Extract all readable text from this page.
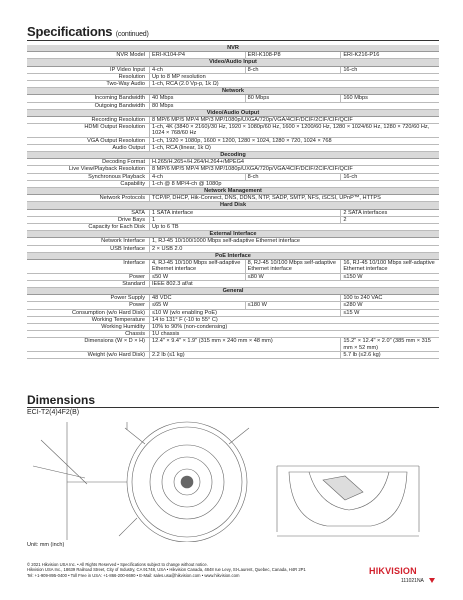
Specifications (continued)
NVR			
NVR Model	ERI-K104-P4	ERI-K108-P8	ERI-K216-P16
Video/Audio Input			
IP Video Input	4-ch	8-ch	16-ch
Resolution	Up to 8 MP resolution		
Two-Way Audio	1-ch, RCA (2.0 Vp-p, 1k Ω)		
Network			
Incoming Bandwidth	40 Mbps	80 Mbps	160 Mbps
Outgoing Bandwidth	80 Mbps		
Video/Audio Output			
Recording Resolution	8 MP/6 MP/5 MP/4 MP/3 MP/1080p/UXGA/720p/VGA/4CIF/DCIF/2CIF/CIF/QCIF		
HDMI Output Resolution	1-ch, 4K (3840 × 2160)/30 Hz, 1920 × 1080p/60 Hz, 1600 × 1200/60 Hz, 1280 × 1024/60 Hz, 1280 × 720/60 Hz, 1024 × 768/60 Hz		
VGA Output Resolution	1-ch, 1920 × 1080p, 1600 × 1200, 1280 × 1024, 1280 × 720, 1024 × 768		
Audio Output	1-ch, RCA (linear, 1k Ω)		
Decoding			
Decoding Format	H.265/H.265+/H.264/H.264+/MPEG4		
Live View/Playback Resolution	8 MP/6 MP/5 MP/4 MP/3 MP/1080p/UXGA/720p/VGA/4CIF/DCIF/2CIF/CIF/QCIF		
Synchronous Playback	4-ch	8-ch	16-ch
Capability	1-ch @ 8 MP/4-ch @ 1080p		
Network Management			
Network Protocols	TCP/IP, DHCP, Hik-Connect, DNS, DDNS, NTP, SADP, SMTP, NFS, iSCSI, UPnP™, HTTPS		
Hard Disk			
SATA	1 SATA interface		2 SATA interfaces
Drive Bays	1		2
Capacity for Each Disk	Up to 6 TB		
External Interface			
Network Interface	1, RJ-45 10/100/1000 Mbps self-adaptive Ethernet interface		
USB Interface	2 × USB 2.0		
PoE Interface			
Interface	4, RJ-45 10/100 Mbps self-adaptive Ethernet interface	8, RJ-45 10/100 Mbps self-adaptive Ethernet interface	16, RJ-45 10/100 Mbps self-adaptive Ethernet interface
Power	≤50 W	≤80 W	≤150 W
Standard	IEEE 802.3 af/at		
General			
Power Supply	48 VDC		100 to 240 VAC
Power	≤65 W	≤180 W	≤280 W
Consumption (w/o Hard Disk)	≤10 W (w/o enabling PoE)		≤15 W
Working Temperature	14 to 131° F (-10 to 55° C)		
Working Humidity	10% to 90% (non-condensing)		
Chassis	1U chassis		
Dimensions (W × D × H)	12.4" × 9.4" × 1.9" (315 mm × 240 mm × 48 mm)		15.2" × 12.4" × 2.0" (385 mm × 315 mm × 52 mm)
Weight (w/o Hard Disk)	2.2 lb (≤1 kg)		5.7 lb (≤2.6 kg)
Dimensions
ECI-T2(4)4F2(B)
Unit: mm (inch)
© 2021 Hikvision USA Inc. • All Rights Reserved • Specifications subject to change without notice.
Hikvision USA Inc., 18639 Railroad Street, City of Industry, CA 91748, USA • Hikvision Canada, 4848 rue Levy, St-Laurent, Quebec, Canada, H4R 2P1
Tel: +1-909-895-0400 • Toll Free in USA: +1-866-200-6690 • E-Mail: sales.usa@hikvision.com • www.hikvision.com	HIKVISION
111021NA
